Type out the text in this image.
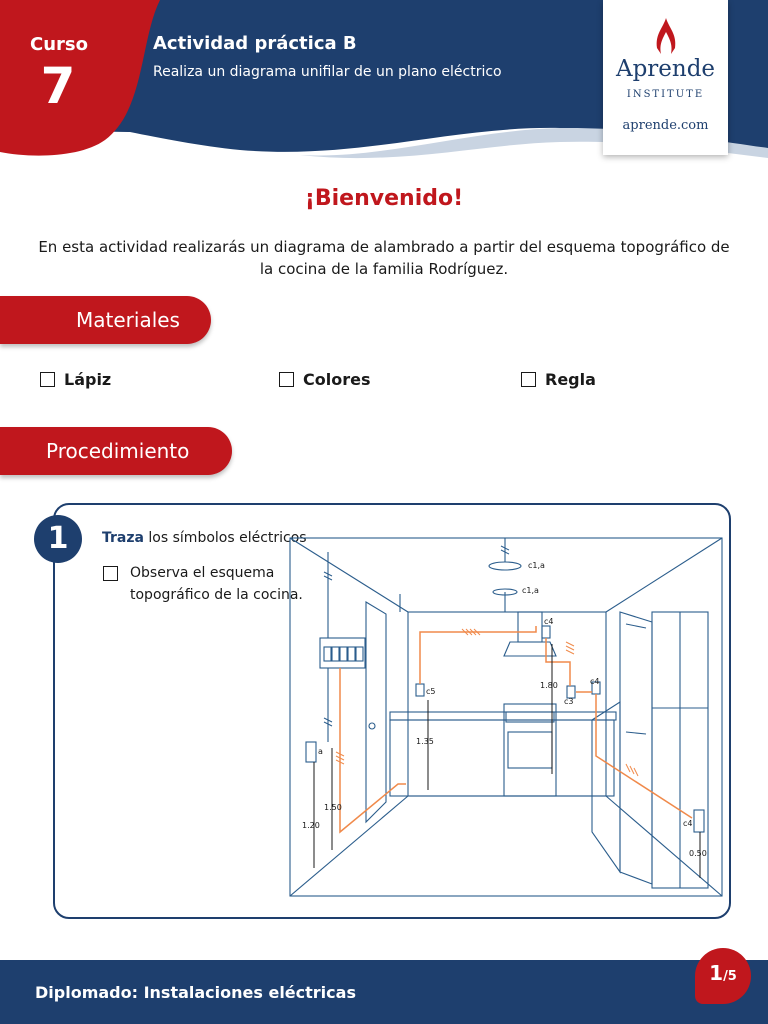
Curso
7
Actividad práctica B
Realiza un diagrama unifilar de un plano eléctrico	Aprende
INSTITUTE
aprende.com
¡Bienvenido!
En esta actividad realizarás un diagrama de alambrado a partir del esquema topográfico de la cocina de la familia Rodríguez.
Materiales
Lápiz	Colores	Regla
Procedimiento
1	Traza los símbolos eléctricos
Observa el esquema
topográfico de la cocina.
c1,a
c1,a
c4
c5
c3
c4
c4
a
1.80
1.35
1.50
1.20
0.50
Diplomado: Instalaciones eléctricas
1/5
